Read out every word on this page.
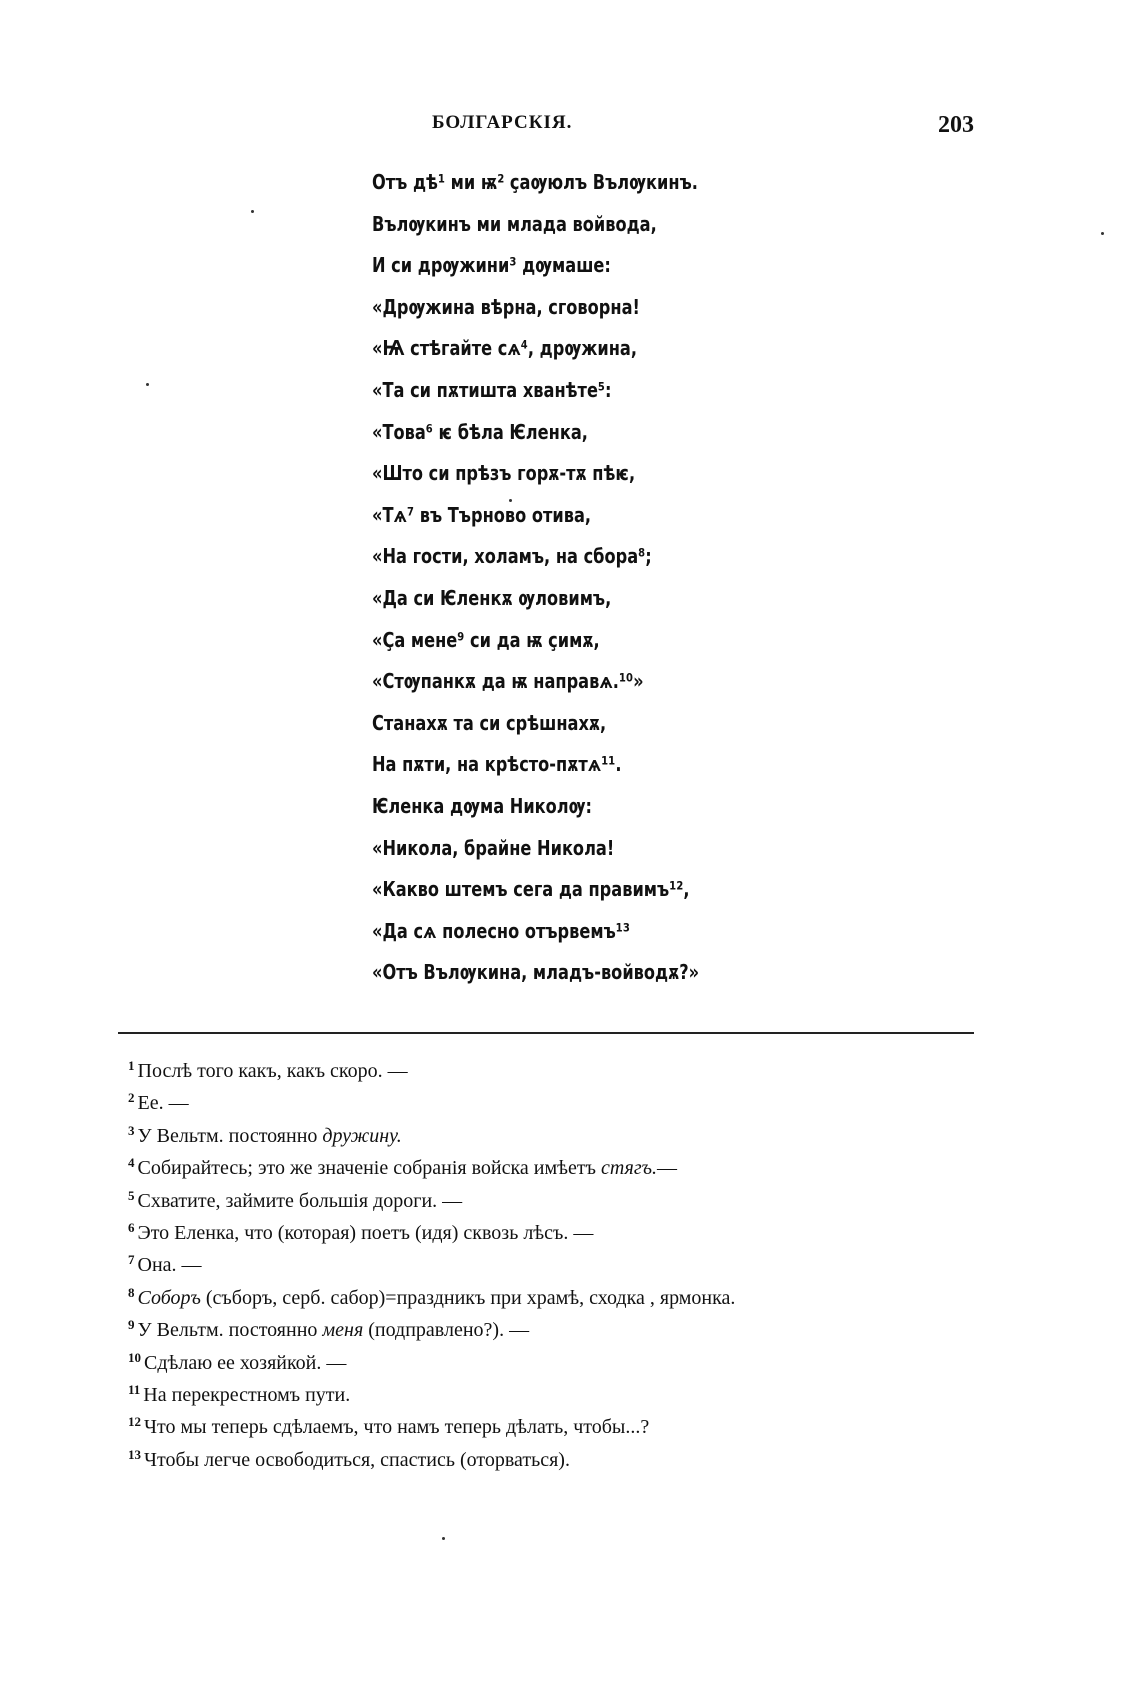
БОЛГАРСКІЯ.	203
Отъ дѣ¹ ми ѭ² ҫаѹюлъ Вълѹкинъ.
Вълѹкинъ ми млада войвода,
И си дрѹжини³ дѹмаше:
«Дрѹжина вѣрна, сговорна!
«Ѩ стѣгайте сѧ⁴, дрѹжина,
«Та си пѫтишта хванѣте⁵:
«Това⁶ ѥ бѣла Ѥленка,
«Што си прѣзъ горѫ-тѫ пѣѥ,
«Тѧ⁷ въ Търново отива,
«На гости, холамъ, на сбора⁸;
«Да си Ѥленкѫ ѹловимъ,
«Ҫа мене⁹ си да ѭ ҫимѫ,
«Стѹпанкѫ да ѭ направѧ.¹⁰»
Станахѫ та си срѣшнахѫ,
На пѫти, на крѣсто-пѫтѧ¹¹.
Ѥленка дѹма Николѹ:
«Никола, брайне Никола!
«Какво штемъ сега да правимъ¹²,
«Да сѧ полесно отървемъ¹³
«Отъ Вълѹкина, младъ-войводѫ?»
$^1$ Послѣ того какъ, какъ скоро. —
$^2$ Ее. —
$^3$ У Вельтм. постоянно дружину.
$^4$ Собирайтесь; это же значеніе собранія войска имѣетъ стягъ.—
$^5$ Схватите, займите большія дороги. —
$^6$ Это Еленка, что (которая) поетъ (идя) сквозь лѣсъ. —
$^7$ Она. —
$^8$ Соборъ (съборъ, серб. сабор)=праздникъ при храмѣ, сходка , ярмонка.
$^9$ У Вельтм. постоянно меня (подправлено?). —
$^{10}$ Сдѣлаю ее хозяйкой. —
$^{11}$ На перекрестномъ пути.
$^{12}$ Что мы теперь сдѣлаемъ, что намъ теперь дѣлать, чтобы...?
$^{13}$ Чтобы легче освободиться, спастись (оторваться).
